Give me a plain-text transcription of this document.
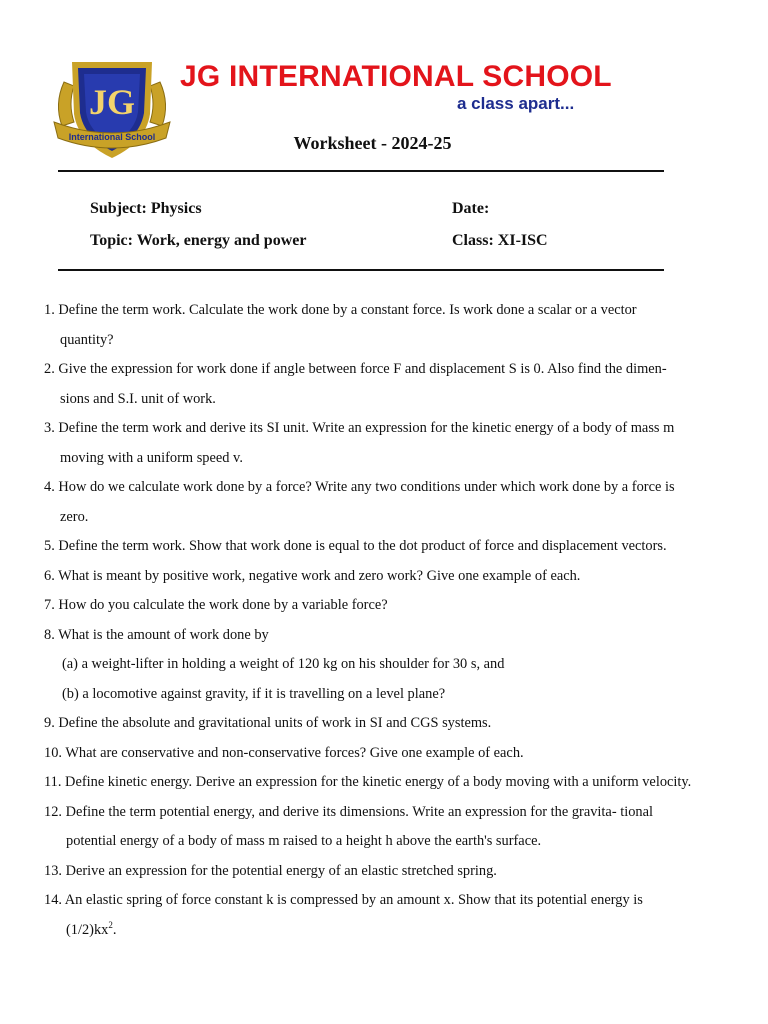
JG
International School
JG INTERNATIONAL SCHOOL
a class apart...
Worksheet - 2024-25
Subject: Physics
Topic: Work, energy and power
Date:
Class: XI-ISC
1. Define the term work. Calculate the work done by a constant force. Is work done a scalar or a vector
quantity?
2. Give the expression for work done if angle between force F and displacement S is 0. Also find the dimen-
sions and S.I. unit of work.
3. Define the term work and derive its SI unit. Write an expression for the kinetic energy of a body of mass m
moving with a uniform speed v.
4. How do we calculate work done by a force? Write any two conditions under which work done by a force is
zero.
5. Define the term work. Show that work done is equal to the dot product of force and displacement vectors.
6. What is meant by positive work, negative work and zero work? Give one example of each.
7. How do you calculate the work done by a variable force?
8. What is the amount of work done by
(a) a weight-lifter in holding a weight of 120 kg on his shoulder for 30 s, and
(b) a locomotive against gravity, if it is travelling on a level plane?
9. Define the absolute and gravitational units of work in SI and CGS systems.
10. What are conservative and non-conservative forces? Give one example of each.
11. Define kinetic energy. Derive an expression for the kinetic energy of a body moving with a uniform velocity.
12. Define the term potential energy, and derive its dimensions. Write an expression for the gravita- tional
potential energy of a body of mass m raised to a height h above the earth's surface.
13. Derive an expression for the potential energy of an elastic stretched spring.
14. An elastic spring of force constant k is compressed by an amount x. Show that its potential energy is
$(1/2)kx^2$.
